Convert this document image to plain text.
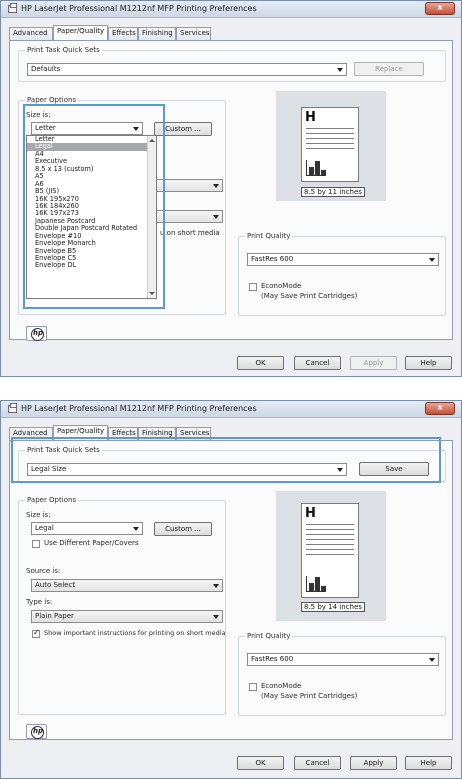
HP LaserJet Professional M1212nf MFP Printing Preferences	x
Advanced	Paper/Quality	Effects Finishing	Services
Print Task Quick Sets
Defaults	Replace
Paper Options
Size is:
Letter	Custom ...
u on short media
H
8.5 by 11 inches
Print Quality
FastRes 600
EconoMode
(May Save Print Cartridges)
hp
OK	Cancel	Apply	Help
Letter
Legal
A4
Executive
8.5 x 13 (custom)
A5
A6
B5 (JIS)
16K 195x270
16K 184x260
16K 197x273
Japanese Postcard
Double Japan Postcard Rotated
Envelope #10
Envelope Monarch
Envelope B5
Envelope C5
Envelope DL
HP LaserJet Professional M1212nf MFP Printing Preferences	x
Advanced	Paper/Quality	Effects Finishing	Services
Print Task Quick Sets
Legal Size	Save
Paper Options
Size is:
Legal	Custom ...
Use Different Paper/Covers
Source is:
Auto Select
Type is:
Plain Paper
✓
Show important instructions for printing on short media
H
8.5 by 14 inches
Print Quality
FastRes 600
EconoMode
(May Save Print Cartridges)
hp
OK	Cancel	Apply	Help
